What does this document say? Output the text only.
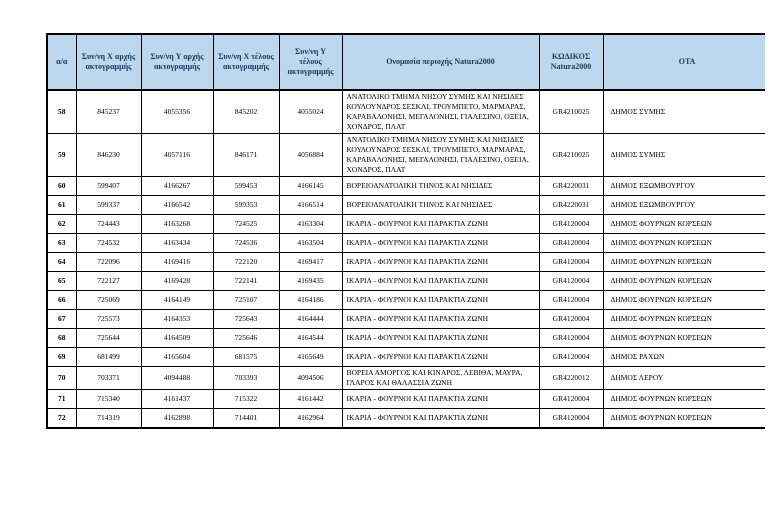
α/α	Συν/νη X αρχής ακτογραμμής	Συν/νη Y αρχής ακτογραμμής	Συν/νη X τέλους ακτογραμμής	Συν/νη Y τέλους ακτογραμμής	Ονομασία περιοχής Natura2000	ΚΩΔΙΚΟΣ Natura2000	ΟΤΑ
58	845237	4055356	845202	4055024	ΑΝΑΤΟΛΙΚΟ ΤΜΗΜΑ ΝΗΣΟΥ ΣΥΜΗΣ ΚΑΙ ΝΗΣΙΔΕΣ ΚΟΥΛΟΥΝΔΡΟΣ ΣΕΣΚΛΙ, ΤΡΟΥΜΠΕΤΟ, ΜΑΡΜΑΡΑΣ, ΚΑΡΑΒΑΛΟΝΗΣΙ, ΜΕΓΑΛΟΝΗΣΙ, ΓΙΑΛΕΣΙΝΟ, ΟΞΕΙΑ, ΧΟΝΔΡΟΣ, ΠΛΑΤ	GR4210025	ΔΗΜΟΣ ΣΥΜΗΣ
59	846230	4057116	846171	4056884	ΑΝΑΤΟΛΙΚΟ ΤΜΗΜΑ ΝΗΣΟΥ ΣΥΜΗΣ ΚΑΙ ΝΗΣΙΔΕΣ ΚΟΥΛΟΥΝΔΡΟΣ ΣΕΣΚΛΙ, ΤΡΟΥΜΠΕΤΟ, ΜΑΡΜΑΡΑΣ, ΚΑΡΑΒΑΛΟΝΗΣΙ, ΜΕΓΑΛΟΝΗΣΙ, ΓΙΑΛΕΣΙΝΟ, ΟΞΕΙΑ, ΧΟΝΔΡΟΣ, ΠΛΑΤ	GR4210025	ΔΗΜΟΣ ΣΥΜΗΣ
60	599407	4166267	599453	4166145	ΒΟΡΕΙΟΑΝΑΤΟΛΙΚΗ ΤΗΝΟΣ ΚΑΙ ΝΗΣΙΔΕΣ	GR4220031	ΔΗΜΟΣ ΕΞΩΜΒΟΥΡΓΟΥ
61	599337	4166542	599353	4166514	ΒΟΡΕΙΟΑΝΑΤΟΛΙΚΗ ΤΗΝΟΣ ΚΑΙ ΝΗΣΙΔΕΣ	GR4220031	ΔΗΜΟΣ ΕΞΩΜΒΟΥΡΓΟΥ
62	724443	4163268	724525	4163304	ΙΚΑΡΙΑ - ΦΟΥΡΝΟΙ ΚΑΙ ΠΑΡΑΚΤΙΑ ΖΩΝΗ	GR4120004	ΔΗΜΟΣ ΦΟΥΡΝΩΝ ΚΟΡΣΕΩΝ
63	724532	4163434	724536	4163504	ΙΚΑΡΙΑ - ΦΟΥΡΝΟΙ ΚΑΙ ΠΑΡΑΚΤΙΑ ΖΩΝΗ	GR4120004	ΔΗΜΟΣ ΦΟΥΡΝΩΝ ΚΟΡΣΕΩΝ
64	722096	4169416	722120	4169417	ΙΚΑΡΙΑ - ΦΟΥΡΝΟΙ ΚΑΙ ΠΑΡΑΚΤΙΑ ΖΩΝΗ	GR4120004	ΔΗΜΟΣ ΦΟΥΡΝΩΝ ΚΟΡΣΕΩΝ
65	722127	4169428	722141	4169435	ΙΚΑΡΙΑ - ΦΟΥΡΝΟΙ ΚΑΙ ΠΑΡΑΚΤΙΑ ΖΩΝΗ	GR4120004	ΔΗΜΟΣ ΦΟΥΡΝΩΝ ΚΟΡΣΕΩΝ
66	725069	4164149	725107	4164186	ΙΚΑΡΙΑ - ΦΟΥΡΝΟΙ ΚΑΙ ΠΑΡΑΚΤΙΑ ΖΩΝΗ	GR4120004	ΔΗΜΟΣ ΦΟΥΡΝΩΝ ΚΟΡΣΕΩΝ
67	725573	4164353	725643	4164444	ΙΚΑΡΙΑ - ΦΟΥΡΝΟΙ ΚΑΙ ΠΑΡΑΚΤΙΑ ΖΩΝΗ	GR4120004	ΔΗΜΟΣ ΦΟΥΡΝΩΝ ΚΟΡΣΕΩΝ
68	725644	4164509	725646	4164544	ΙΚΑΡΙΑ - ΦΟΥΡΝΟΙ ΚΑΙ ΠΑΡΑΚΤΙΑ ΖΩΝΗ	GR4120004	ΔΗΜΟΣ ΦΟΥΡΝΩΝ ΚΟΡΣΕΩΝ
69	681499	4165604	681575	4165649	ΙΚΑΡΙΑ - ΦΟΥΡΝΟΙ ΚΑΙ ΠΑΡΑΚΤΙΑ ΖΩΝΗ	GR4120004	ΔΗΜΟΣ ΡΑΧΩΝ
70	703371	4094488	703393	4094506	ΒΟΡΕΙΑ ΑΜΟΡΓΟΣ ΚΑΙ ΚΙΝΑΡΟΣ, ΛΕΒΙΘΑ, ΜΑΥΡΑ, ΓΛΑΡΟΣ ΚΑΙ ΘΑΛΑΣΣΙΑ ΖΩΝΗ	GR4220012	ΔΗΜΟΣ ΛΕΡΟΥ
71	715340	4161437	715322	4161442	ΙΚΑΡΙΑ - ΦΟΥΡΝΟΙ ΚΑΙ ΠΑΡΑΚΤΙΑ ΖΩΝΗ	GR4120004	ΔΗΜΟΣ ΦΟΥΡΝΩΝ ΚΟΡΣΕΩΝ
72	714319	4162898	714401	4162964	ΙΚΑΡΙΑ - ΦΟΥΡΝΟΙ ΚΑΙ ΠΑΡΑΚΤΙΑ ΖΩΝΗ	GR4120004	ΔΗΜΟΣ ΦΟΥΡΝΩΝ ΚΟΡΣΕΩΝ
